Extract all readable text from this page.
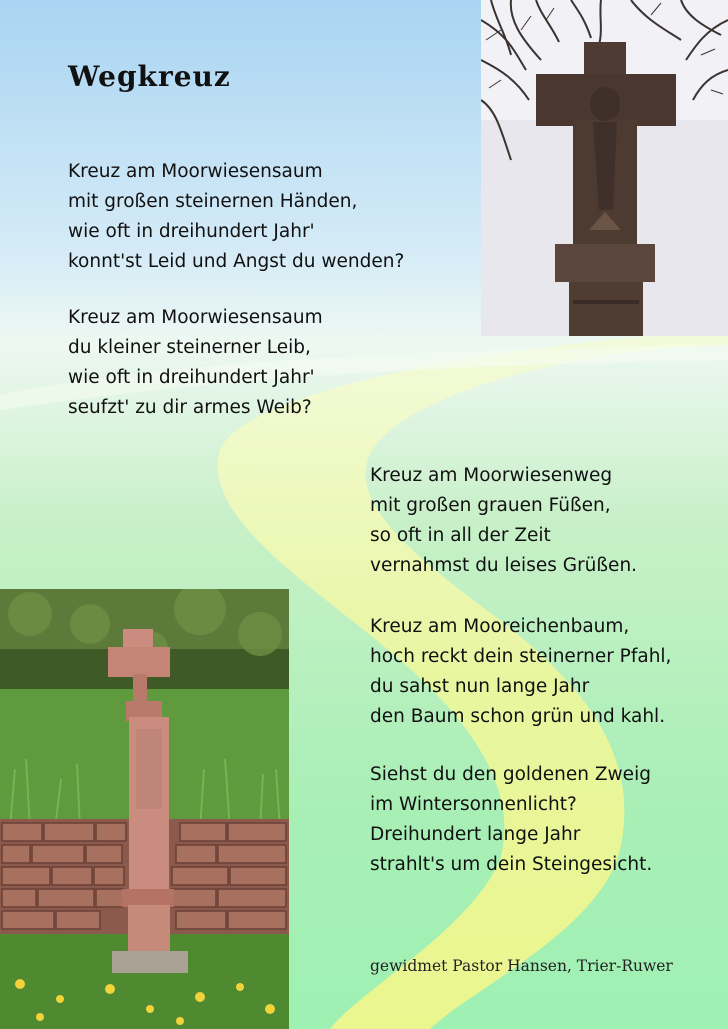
Wegkreuz
Kreuz am Moorwiesensaum
mit großen steinernen Händen,
wie oft in dreihundert Jahr'
konnt'st Leid und Angst du wenden?
Kreuz am Moorwiesensaum
du kleiner steinerner Leib,
wie oft in dreihundert Jahr'
seufzt' zu dir armes Weib?
Kreuz am Moorwiesenweg
mit großen grauen Füßen,
so oft in all der Zeit
vernahmst du leises Grüßen.
Kreuz am Mooreichenbaum,
hoch reckt dein steinerner Pfahl,
du sahst nun lange Jahr
den Baum schon grün und kahl.
Siehst du den goldenen Zweig
im Wintersonnenlicht?
Dreihundert lange Jahr
strahlt's um dein Steingesicht.
gewidmet Pastor Hansen, Trier-Ruwer
